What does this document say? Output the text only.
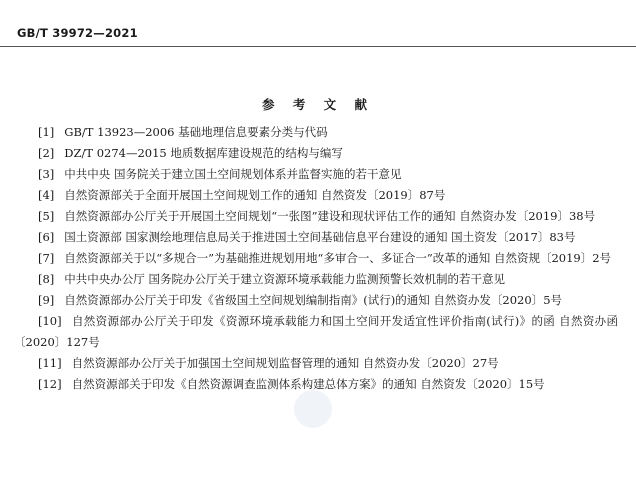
GB/T 39972—2021
参 考 文 献
[1] GB/T 13923—2006 基础地理信息要素分类与代码
[2] DZ/T 0274—2015 地质数据库建设规范的结构与编写
[3] 中共中央 国务院关于建立国土空间规划体系并监督实施的若干意见
[4] 自然资源部关于全面开展国土空间规划工作的通知 自然资发〔2019〕87号
[5] 自然资源部办公厅关于开展国土空间规划“一张图”建设和现状评估工作的通知 自然资办发〔2019〕38号
[6] 国土资源部 国家测绘地理信息局关于推进国土空间基础信息平台建设的通知 国土资发〔2017〕83号
[7] 自然资源部关于以“多规合一”为基础推进规划用地“多审合一、多证合一”改革的通知 自然资规〔2019〕2号
[8] 中共中央办公厅 国务院办公厅关于建立资源环境承载能力监测预警长效机制的若干意见
[9] 自然资源部办公厅关于印发《省级国土空间规划编制指南》(试行)的通知 自然资办发〔2020〕5号
[10] 自然资源部办公厅关于印发《资源环境承载能力和国土空间开发适宜性评价指南(试行)》的函 自然资办函〔2020〕127号
[11] 自然资源部办公厅关于加强国土空间规划监督管理的通知 自然资办发〔2020〕27号
[12] 自然资源部关于印发《自然资源调查监测体系构建总体方案》的通知 自然资发〔2020〕15号
